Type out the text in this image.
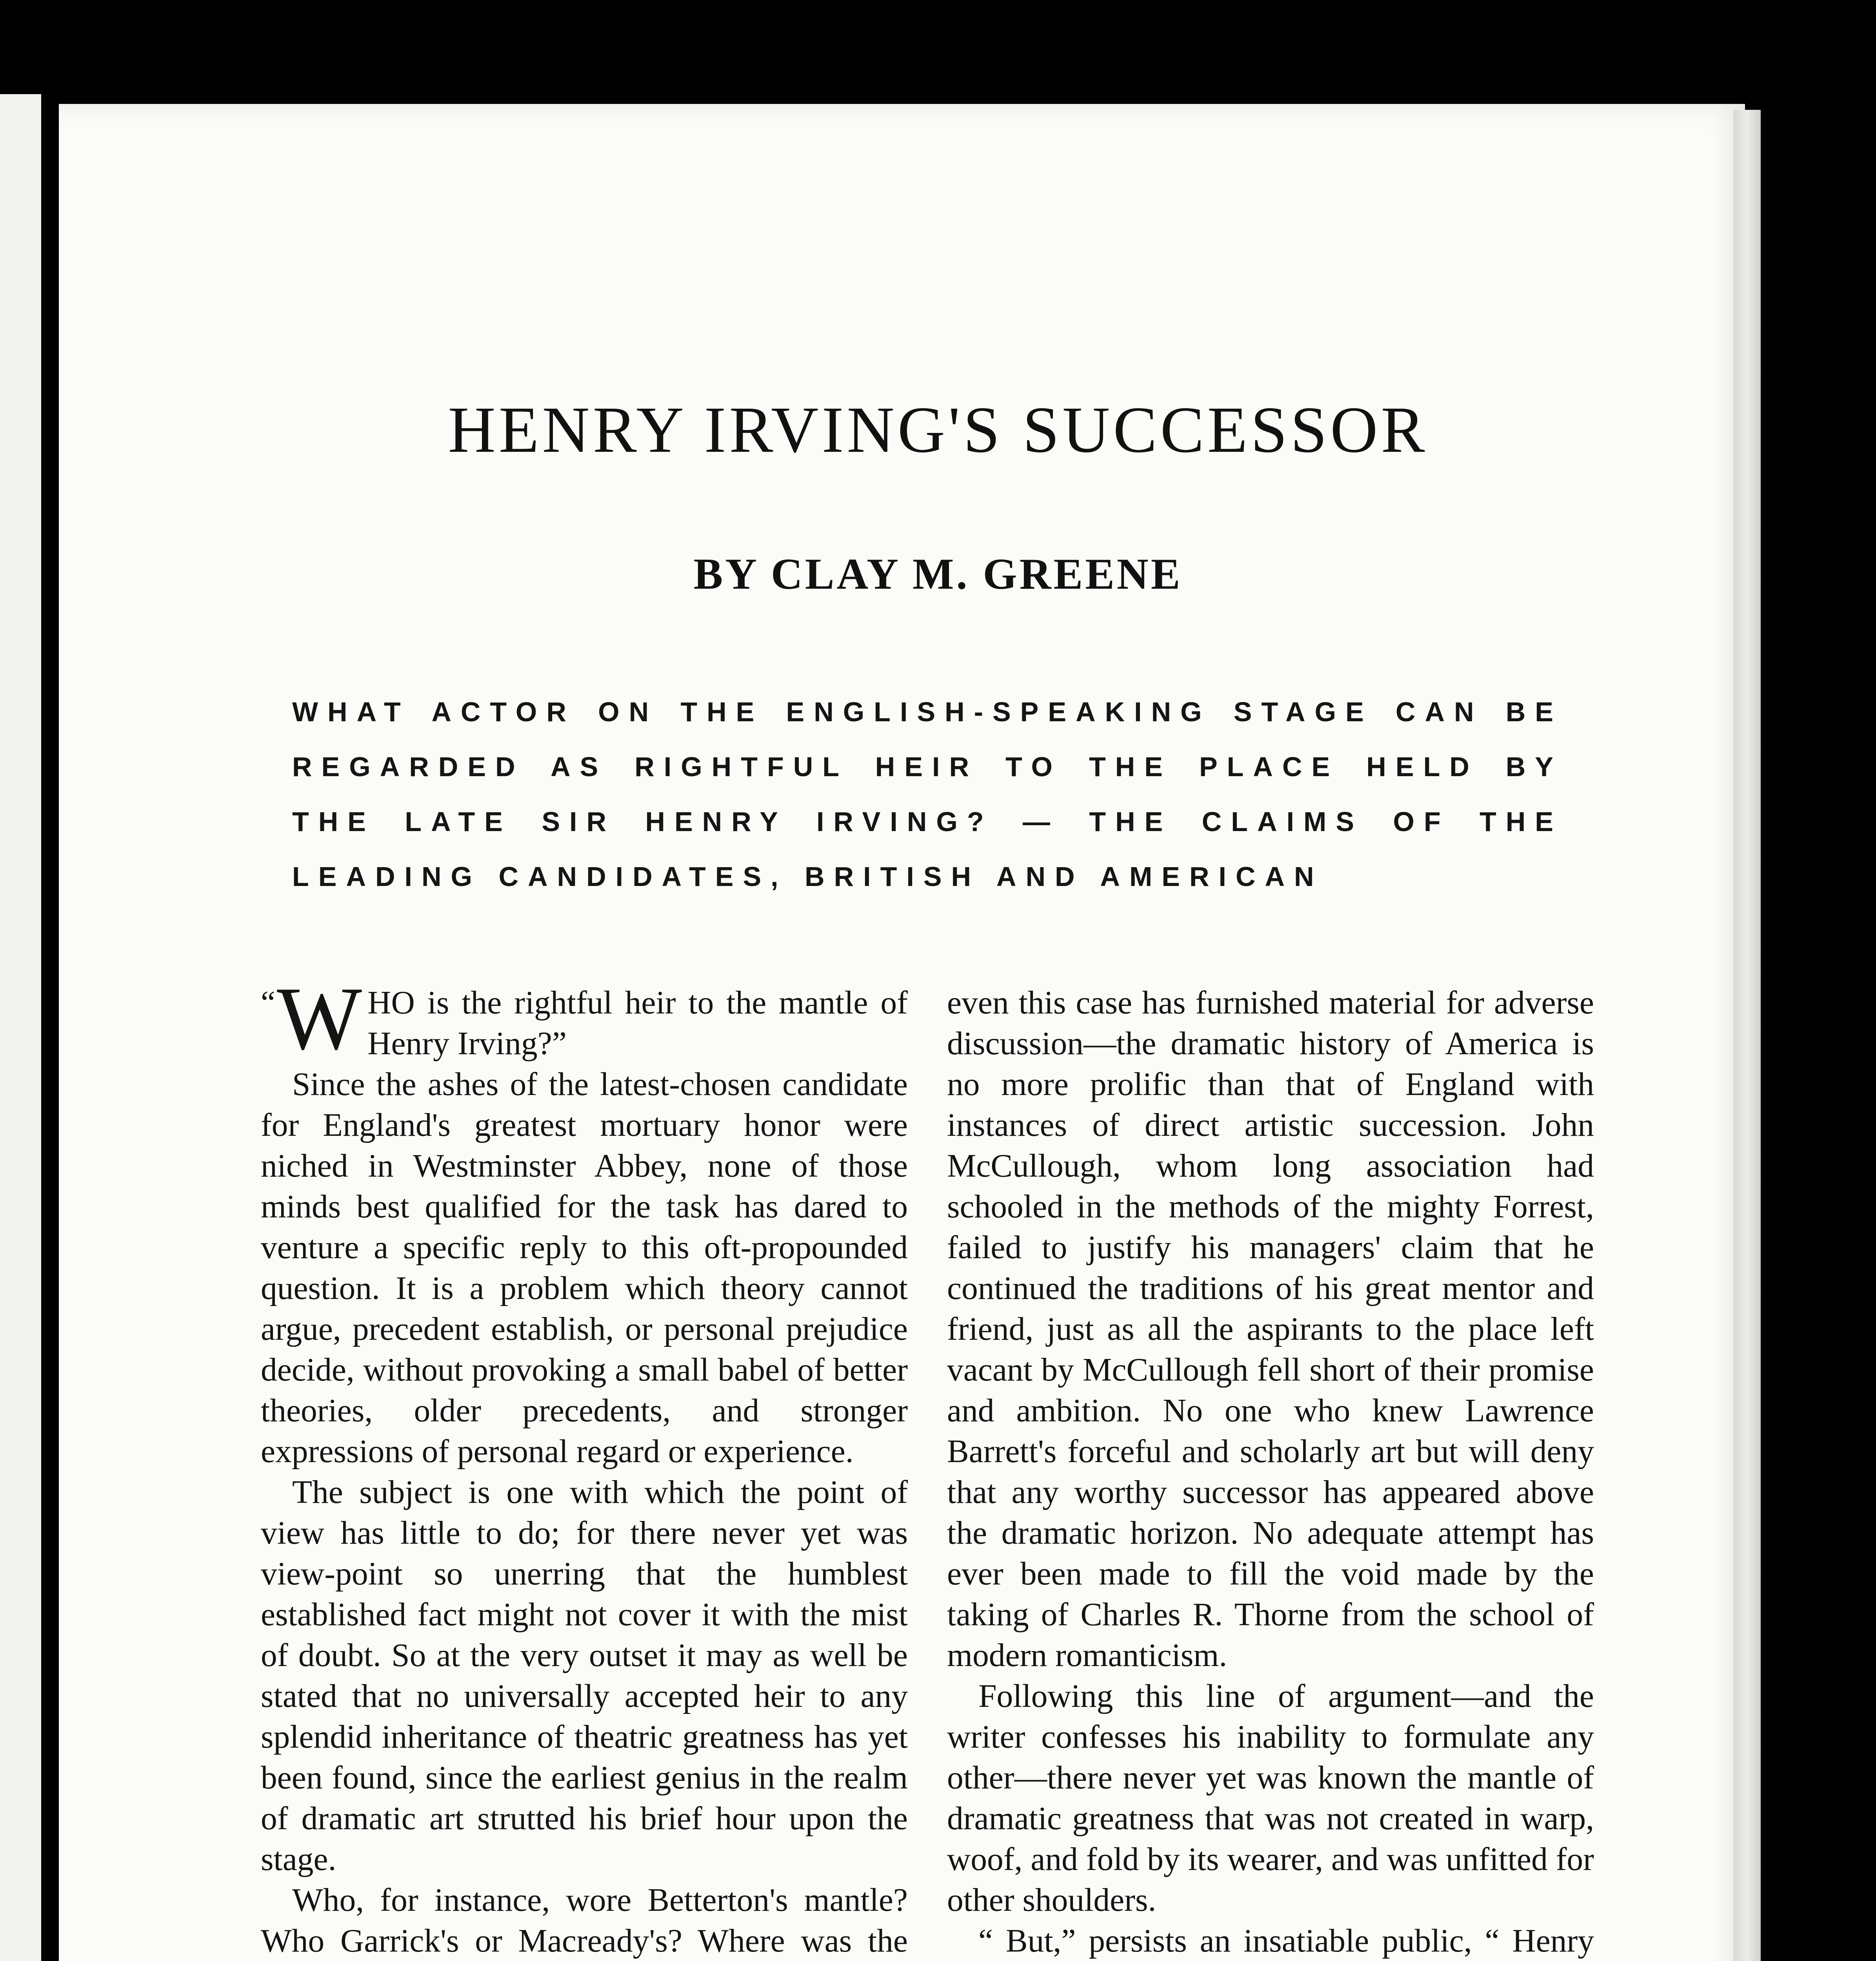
HENRY IRVING'S SUCCESSOR
BY CLAY M. GREENE
WHAT ACTOR ON THE ENGLISH-SPEAKING STAGE CAN BE REGARDED AS RIGHTFUL HEIR TO THE PLACE HELD BY THE LATE SIR HENRY IRVING? — THE CLAIMS OF THE LEADING CANDIDATES, BRITISH AND AMERICAN

“ W HO is the rightful heir to the mantle of Henry Irving?”

Since the ashes of the latest-chosen candidate for England's greatest mortuary honor were niched in Westminster Abbey, none of those minds best qualified for the task has dared to venture a specific reply to this oft-propounded question. It is a problem which theory cannot argue, precedent establish, or personal prejudice decide, without provoking a small babel of better theories, older precedents, and stronger expressions of personal regard or experience.

The subject is one with which the point of view has little to do; for there never yet was view-point so unerring that the humblest established fact might not cover it with the mist of doubt. So at the very outset it may as well be stated that no universally accepted heir to any splendid inheritance of theatric greatness has yet been found, since the earliest genius in the realm of dramatic art strutted his brief hour upon the stage.

Who, for instance, wore Betterton's mantle? Who Garrick's or Macready's? Where was the

even this case has furnished material for adverse discussion—the dramatic history of America is no more prolific than that of England with instances of direct artistic succession. John McCullough, whom long association had schooled in the methods of the mighty Forrest, failed to justify his managers' claim that he continued the traditions of his great mentor and friend, just as all the aspirants to the place left vacant by McCullough fell short of their promise and ambition. No one who knew Lawrence Barrett's forceful and scholarly art but will deny that any worthy successor has appeared above the dramatic horizon. No adequate attempt has ever been made to fill the void made by the taking of Charles R. Thorne from the school of modern romanticism.

Following this line of argument—and the writer confesses his inability to formulate any other—there never yet was known the mantle of dramatic greatness that was not created in warp, woof, and fold by its wearer, and was unfitted for other shoulders.

“ But,” persists an insatiable public, “ Henry
